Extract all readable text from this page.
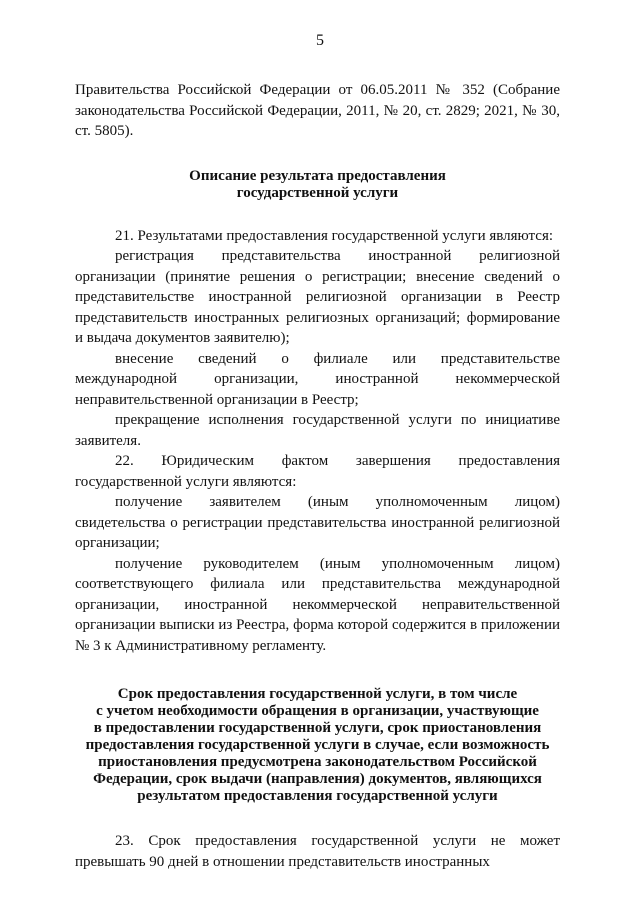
5

Правительства Российской Федерации от 06.05.2011 № 352 (Собрание законодательства Российской Федерации, 2011, № 20, ст. 2829; 2021, № 30, ст. 5805).

Описание результата предоставления
государственной услуги

21. Результатами предоставления государственной услуги являются:

регистрация представительства иностранной религиозной организации (принятие решения о регистрации; внесение сведений о представительстве иностранной религиозной организации в Реестр представительств иностранных религиозных организаций; формирование и выдача документов заявителю);

внесение сведений о филиале или представительстве международной организации, иностранной некоммерческой неправительственной организации в Реестр;

прекращение исполнения государственной услуги по инициативе заявителя.

22. Юридическим фактом завершения предоставления государственной услуги являются:

получение заявителем (иным уполномоченным лицом) свидетельства о регистрации представительства иностранной религиозной организации;

получение руководителем (иным уполномоченным лицом) соответствующего филиала или представительства международной организации, иностранной некоммерческой неправительственной организации выписки из Реестра, форма которой содержится в приложении № 3 к Административному регламенту.

Срок предоставления государственной услуги, в том числе
с учетом необходимости обращения в организации, участвующие
в предоставлении государственной услуги, срок приостановления
предоставления государственной услуги в случае, если возможность
приостановления предусмотрена законодательством Российской
Федерации, срок выдачи (направления) документов, являющихся
результатом предоставления государственной услуги

23. Срок предоставления государственной услуги не может превышать 90 дней в отношении представительств иностранных
